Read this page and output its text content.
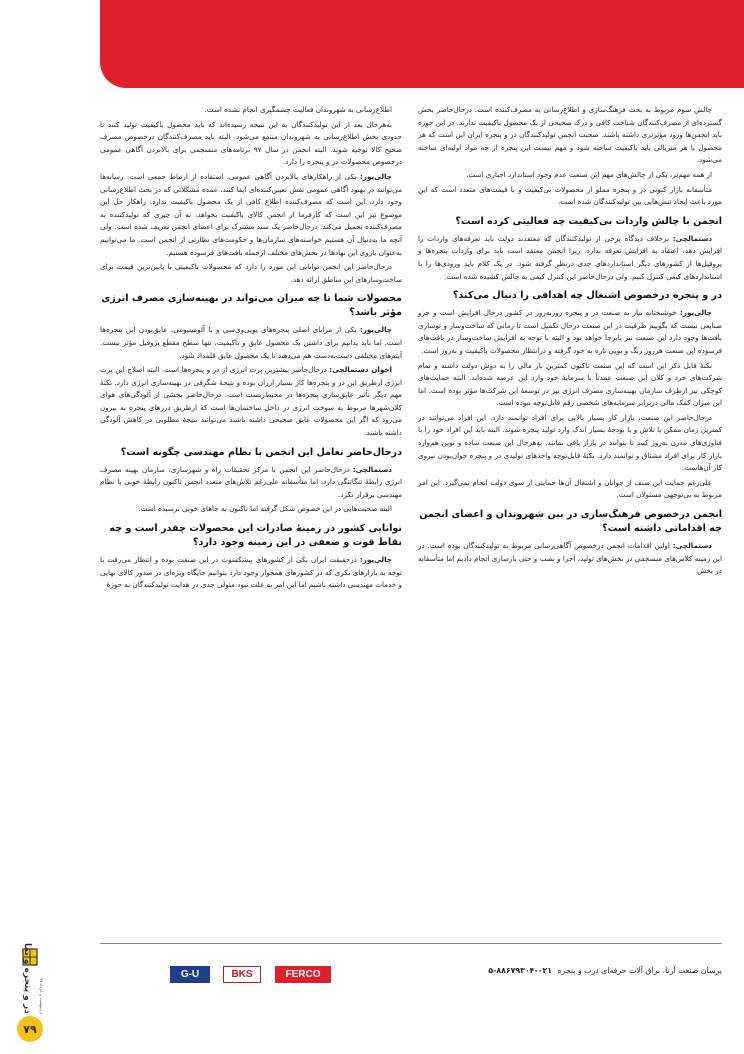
چالش سوم مربوط به بحث فرهنگ‌سازی و اطلاع‌رسانی به مصرف‌کننده است. درحال‌حاضر بخش گسترده‌ای از مصرف‌کنندگان شناخت کافی و درک صحیحی از یک محصول باکیفیت ندارند. در این حوزه باید انجمن‌ها ورود مؤثرتری داشته باشند. صحبت انجمن تولیدکنندگان در و پنجره ایران این است که هر محصول با هر متریالی باید باکیفیت ساخته شود و مهم نیست این پنجره از چه مواد اولیه‌ای ساخته می‌شود.

از همه مهم‌تر، یکی از چالش‌های مهم این صنعت عدم وجود استاندارد اجباری است.

متأسفانه بازار کنونی در و پنجره مملو از محصولات بی‌کیفیت و با قیمت‌های متعدد است که این مورد باعث ایجاد تنش‌هایی بین تولیدکنندگان شده است.

انجمن با چالش واردات بی‌کیفیت چه فعالیتی کرده است؟

دستمالچی: برخلاف دیدگاه برخی از تولیدکنندگان که معتقدند دولت باید تعرفه‌های واردات را افزایش دهد، اعتقاد به افزایش تعرفه ندارد. زیرا انجمن معتقد است باید برای واردات پنجره‌ها و پروفیل‌ها از کشورهای دیگر استانداردهای جدی درنظر گرفته شود. در یک کلام باید ورودی‌ها را با استانداردهای کیفی کنترل کنیم. ولی درحال‌حاضر این کنترل کیفی به چالش کشیده شده است.

در و پنجره درخصوص اشتغال چه اهدافی را دنبال می‌کند؟

چالی‌پور: خوشبختانه نیاز به صنعت در و پنجره روزبه‌روز در کشور درحال افزایش است و جزو صنایعی نیست که بگوییم ظرفیت در این صنعت درحال تکمیل است تا زمانی که ساخت‌وساز و نوسازی بافت‌ها وجود دارد این صنعت نیز پابرجا خواهد بود و البته با توجه به افزایش ساخت‌وساز در بافت‌های فرسوده این صنعت هرروز رنگ و بویی تازه به خود گرفته و درانتظار محصولات باکیفیت و به‌روز است.

نکتهٔ قابل ذکر این است که این صنعت تاکنون کمترین بار مالی را به دوش دولت داشته و تمام شرکت‌های خرد و کلان این صنعت عمدتاً با سرمایهٔ خود وارد این عرصه شده‌اند. البته حمایت‌های کوچکی نیز ازطرف سازمان بهینه‌سازی مصرف انرژی نیز در توسعهٔ این شرکت‌ها مؤثر بوده است. اما این میزان کمک مالی دربرابر سرمایه‌های شخصی رقم قابل‌توجه نبوده است.

درحال‌حاضر این صنعت، بازار کار بسیار بالایی برای افراد توانمند دارد. این افراد می‌توانند در کمترین زمان ممکن با تلاش و با بودجهٔ بسیار اندک وارد تولید پنجره شوند. البته باید این افراد خود را با فناوری‌های مدرن به‌روز کنند تا بتوانند در بازار باقی بمانند. به‌هرحال این صنعت ساده و نوین هم‌وارد بازار کار برای افراد مشتاق و توانمند دارد. نکتهٔ قابل‌توجه واحدهای تولیدی در و پنجره جوان‌بودن نیروی کار آن‌هاست.

علی‌رغم حمایت این صنف از جوانان و اشتغال آن‌ها حمایتی از سوی دولت انجام نمی‌گیرد. این امر مربوط به بی‌توجهی مسئولان است.

انجمن درخصوص فرهنگ‌سازی در بین شهروندان و اعضای انجمن چه اقداماتی داشته است؟

دستمالچی: اولین اقدامات انجمن درخصوص آگاهی‌رسانی مربوط به تولیدکنندگان بوده است. در این زمینه کلاس‌های منسجمی در بخش‌های تولید، اجرا و نصب و حتی بازسازی انجام دادیم اما متأسفانه در بخش

اطلاع‌رسانی به شهروندان فعالیت چشمگیری انجام نشده است.

به‌هرحال بعد از این تولیدکنندگان به این نتیجه رسیده‌اند که باید محصول باکیفیت تولید کنند تا حدودی بخش اطلاع‌رسانی به شهروندان منتفع می‌شود. البته باید مصرف‌کنندگان درخصوص مصرف صحیح کالا توجیه شوند. البته انجمن در سال ۹۷ برنامه‌های منسجمی برای بالابردن آگاهی عمومی درخصوص محصولات در و پنجره را دارد.

چالی‌پور: یکی از راهکارهای بالابردن آگاهی عمومی، استفاده از ارتباط جمعی است. رسانه‌ها می‌توانند در بهبود آگاهی عمومی نقش تعیین‌کننده‌ای ایفا کنند. عمده مشکلاتی که در بحث اطلاع‌رسانی وجود دارد، این است که مصرف‌کننده اطلاع کافی از یک محصول باکیفیت ندارد. راهکار حل این موضوع نیز این است که کارفرما از انجمن کالای باکیفیت بخواهد، نه آن چیزی که تولیدکننده به مصرف‌کننده تحمیل می‌کند. درحال‌حاضر یک سند مشترک برای اعضای انجمن تعریف شده است. ولی آنچه ما به‌دنبال آن هستیم خواسته‌های سازمان‌ها و حکومت‌های نظارتی از انجمن است. ما می‌توانیم به‌عنوان بازوی این نهادها در بخش‌های مختلف ازجمله بافت‌های فرسوده هستیم.

درحال‌حاضر این انجمن توانایی این مورد را دارد که محصولات باکیفیتی با پایین‌ترین قیمت برای ساخت‌وسازهای این مناطق ارائه دهد.

محصولات شما تا چه میزان می‌تواند در بهینه‌سازی مصرف انرژی مؤثر باشد؟

چالی‌پور: یکی از مزایای اصلی پنجره‌های یوپی‌وی‌سی و یا آلومینیومی، عایق‌بودن این پنجره‌ها است. اما باید بدانیم برای داشتن یک محصول عایق و باکیفیت، تنها سطح مقطع پروفیل مؤثر نیست. آیتم‌های مختلفی دست‌به‌دست هم می‌دهند تا یک محصول عایق قلمداد شود.

اخوان دستمالچی: درحال‌حاضر بیشترین پرت انرژی از در و پنجره‌ها است. البته اصلاح این پرت انرژی ازطریق این در و پنجره‌ها کار بسیار ارزان بوده و نتیجهٔ شگرفی در بهینه‌سازی انرژی دارد. نکتهٔ مهم دیگر تأثیر عایق‌سازی پنجره‌ها در محیط‌زیست است. درحال‌حاضر بخشی از آلودگی‌های هوای کلان‌شهرها مربوط به سوخت انرژی در داخل ساختمان‌ها است که ازطریق درزهای پنجره به بیرون می‌رود که اگر این محصولات عایق صحیحی داشته باشند می‌توانند نتیجهٔ مطلوبی در کاهش آلودگی داشته باشند.

درحال‌حاضر تعامل این انجمن با نظام مهندسی چگونه است؟

دستمالچی: درحال‌حاضر این انجمن با مرکز تحقیقات راه و شهرسازی، سازمان بهینه مصرف انرژی رابطهٔ تنگاتنگی دارد، اما متأسفانه علی‌رغم تلاش‌های متعدد انجمن تاکنون رابطهٔ خوبی با نظام مهندسی برقرار نکرد.

البته صحبت‌هایی در این خصوص شکل گرفته اما تاکنون به جاهای خوبی نرسیده است.

توانایی کشور در زمینهٔ صادرات این محصولات چقدر است و چه نقاط قوت و ضعفی در این زمینه وجود دارد؟

چالی‌پور: درحقیقت ایران یکی از کشورهای پیشکسوت در این صنعت بوده و انتظار می‌رفت با توجه به بازارهای بکری که در کشورهای همجوار وجود دارد بتوانیم جایگاه ویژه‌ای در صدور کالای نهایی و خدمات مهندسی داشته باشیم اما این امر به علت نبود متولی جدی در هدایت تولیدکنندگان به حوزهٔ

پرسان صنعت آرنا، براق آلات حرفه‌ای درب و پنجره ۰۲۱-۸۸۶۷۹۳۰۴-۵
FERCO
BKS
G-U
در و پنجره و نما	اردیبهشت و خرداد ۹۷
۷۹
